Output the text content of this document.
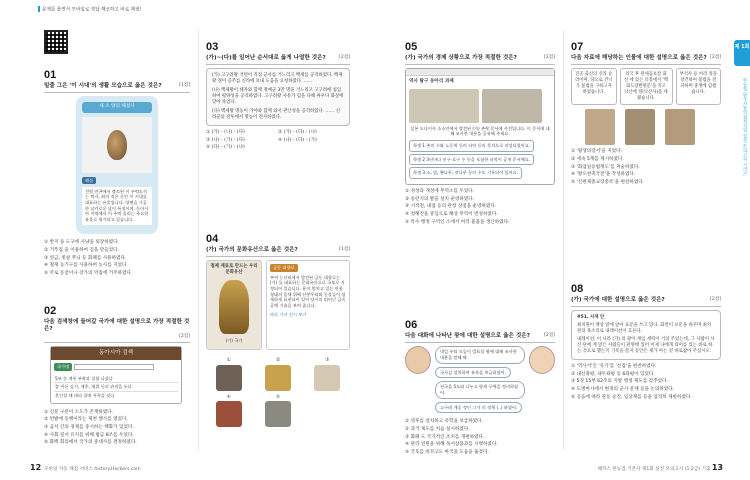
문제를 풀면서 모바일로 정답 해코하고 바로 채점!
01
밑줄 그은 '이 시대'의 생활 모습으로 옳은 것은?	[1점]
새 소 양의 해설사
해설
전원 연곤에서 출토된 이 주먹도끼는 먹자, 최의 적은 동안 이 시대를 대표하는 유물입니다. 양면을 가공한 날카로운 날이 특징이며, 동아시아 지역에서 이 주먹 올리는 주요한 유물로 평가되고 있습니다.
① 반지 돌 도구에 사냥을 퇴장하였다.
② 거푸집 을 이용하여 검을 만들었다.
③ 빗금, 빗살 무늬 등 화폐를 사용하였다.
④ 철제 농기구를 사용하여 농사를 지었다.
⑤ 주로 동굴이나 강가의 막집에 거주하였다.
02
다음 검색창에 들어갈 국가에 대한 설명으로 가장 적절한 것은?
[2점]
동아시아 검색
국가명
5부 등 계통 부락과 결합 나섰다
쯤 어른 실시, 제후, 재위 등의 관직을 두다
혼인할 때 데리 집에 서옥을 짓다
① 신분 구분이 소도가 존재하였다.
② 빈발에 동맹이라는 제천 행사를 열었다.
③ 음서 간의 경제를 중시하는 책화가 있었다.
④ 사회 질서 유지를 위해 범금 8조를 두었다.
⑤ 화백 회의에서 국가의 중대사를 결정하였다.
03
(가)~(다)를 일어난 순서대로 옳게 나열한 것은?	[2점]
(가) 고구려왕 거련이 직접 군사를 거느리고 백제를 공격하였다. 백제왕 경이 공주를 신라에 보내 도움을 요청하였다. ……
(나) 백제왕이 태자와 함께 정예군 3만 명을 거느리고 고구려에 침입하여 평양성을 공격하였다. 고구려왕 사유가 힘을 다해 싸우다 화살에 맞아 죽었다.
(다) 백제왕 명농이 가야와 함께 와서 관산성을 공격하였다. …… 신라군의 전투에서 명농이 전사하였다.
① (가) - (나) - (다)	② (가) - (다) - (나)
③ (나) - (가) - (다)	④ (나) - (다) - (가)
⑤ (다) - (가) - (나)
04
(가) 국가의 문화유산으로 옳은 것은?	[1점]
철제 재료로 만드는 우리 문화유산
(가) 국가
금동 대향로
부여 능산리에서 발견된 금동 대향로는 (가) 를 대표하는 문화유산으로 국보로 지정되어 있습니다. 용이 받치고 있는 연꽃 형태의 몸체 위에 산봉우리와 동물들이 섬세하게 표현되어 있어 당시의 뛰어난 금속 공예 기술을 보여 줍니다.
바로 가서 전시 보기
①	②	③
④	⑤
12 모바일 자동 채점 서비스 history.Hackers.com
05
(가) 국가의 경제 상황으로 가장 적절한 것은?	[2점]
역사 탐구 동아리 과제
일본 도다이사 소소인에서 발견된 (가) 촌락 문서에 사전입니다. 이 문서에 대해 조사한 내용을 공유해 주세요.
학생 1 촌의 수와 노동력 등의 파악 등의 목적으로 작성되었어요. 학생 2 3년마다 인구·호구 수 등을 포함한 파악이 공개 문서예요. 학생 3 소, 말, 뽕나무, 잣나무 등의 수도 기록되어 있어요.
① 경성과 개성에 무역소를 두었다.
② 송련지의 발을 설치 운영하였다.
③ 시적전, 내접 등의 관청 상점을 운영하였다.
④ 청해진을 중심으로 해상 무역이 번성하였다.
⑤ 특수 행정 구역인 소에서 여러 물품을 생산하였다.
06
다음 대화에 나타난 왕에 대한 설명으로 옳은 것은?	[2점]
내일 우리 모둠이 발표할 왕에 대해 조사한 내용을 말해 봐. 국자감 설치하여 유학을 보급하였어. 전국을 5도와 나누고 양계 구역을 정비하였어. 고구려 계승 정인 그가 의 정책 (..) 하였어.
① 영후를 설치하고 유학을 보급하였다.
② 과거 제도를 처음 실시하였다.
③ 화폐 도 국가적인 조치를 개편하였다.
④ 관리 연원을 위해 독서삼품과를 시행하였다.
⑤ 국호를 바꾸고도 마국을 도읍을 옮겼다.
07
다음 자료에 해당하는 인물에 대한 설명으로 옳은 것은? [2점]
진골 출신의 신라 승려이며, 당으로 건너가 불법을 구하고자 하였습니다.
의국 후 관세음보살 화신 에 있는 의봉에서 '백화도량발원문'을 짓고 낙산에 절(낙산사)을 세웠습니다.
부석사 등 여러 절을 창건하여 불법을 전파하며 중생에 힘썼습니다.
① '왕생의장서'을 지었다.
② 세속 5계를 제시하였다.
③ '화엄일승법계도'를 저술하였다.
④ '왕오천축국전'을 작성하였다.
⑤ '신편제종교장총록'을 편찬하였다.
08
(가) 국가에 대한 설명으로 옳은 것은?	[2점]
#51. 서재 안
최치원이 책상 앞에 앉아 표문을 쓰고 있다. 화면이 포문을 바꾸며 최치원의 목소리로 내레이션이 흐른다.
내레이션: 이 나라 (가) 의 왕이 재임 세력이 거의 주었는데, 그 사람이 사신 단에 계 앉은 사람들이 관명에 있어 이제 나에게 의미를 있는 바로 하는 것으로 했는지 기록을 쓸지 동안은 제가 아는 겉 바로잡아 주십시오.
① '역사서'인 '유기'를 '신집'을 편찬하였다.
② 내신좌평, 내두좌평 등 6좌평이 있었다.
③ 5경 15부 62주의 지방 행정 제도를 갖추었다.
④ 도병마사에서 변경의 군사 문제 등을 논의하였다.
⑤ 공음에 따라 관등 승진, 임상제를 등을 엄격히 제한하였다.
제 1회
한능검 한국사능력검정시험 실전 모의고사 시리즈
해커스 한능검 기본서 제1회 실전 모의고사 (1·2급) 기출 13
